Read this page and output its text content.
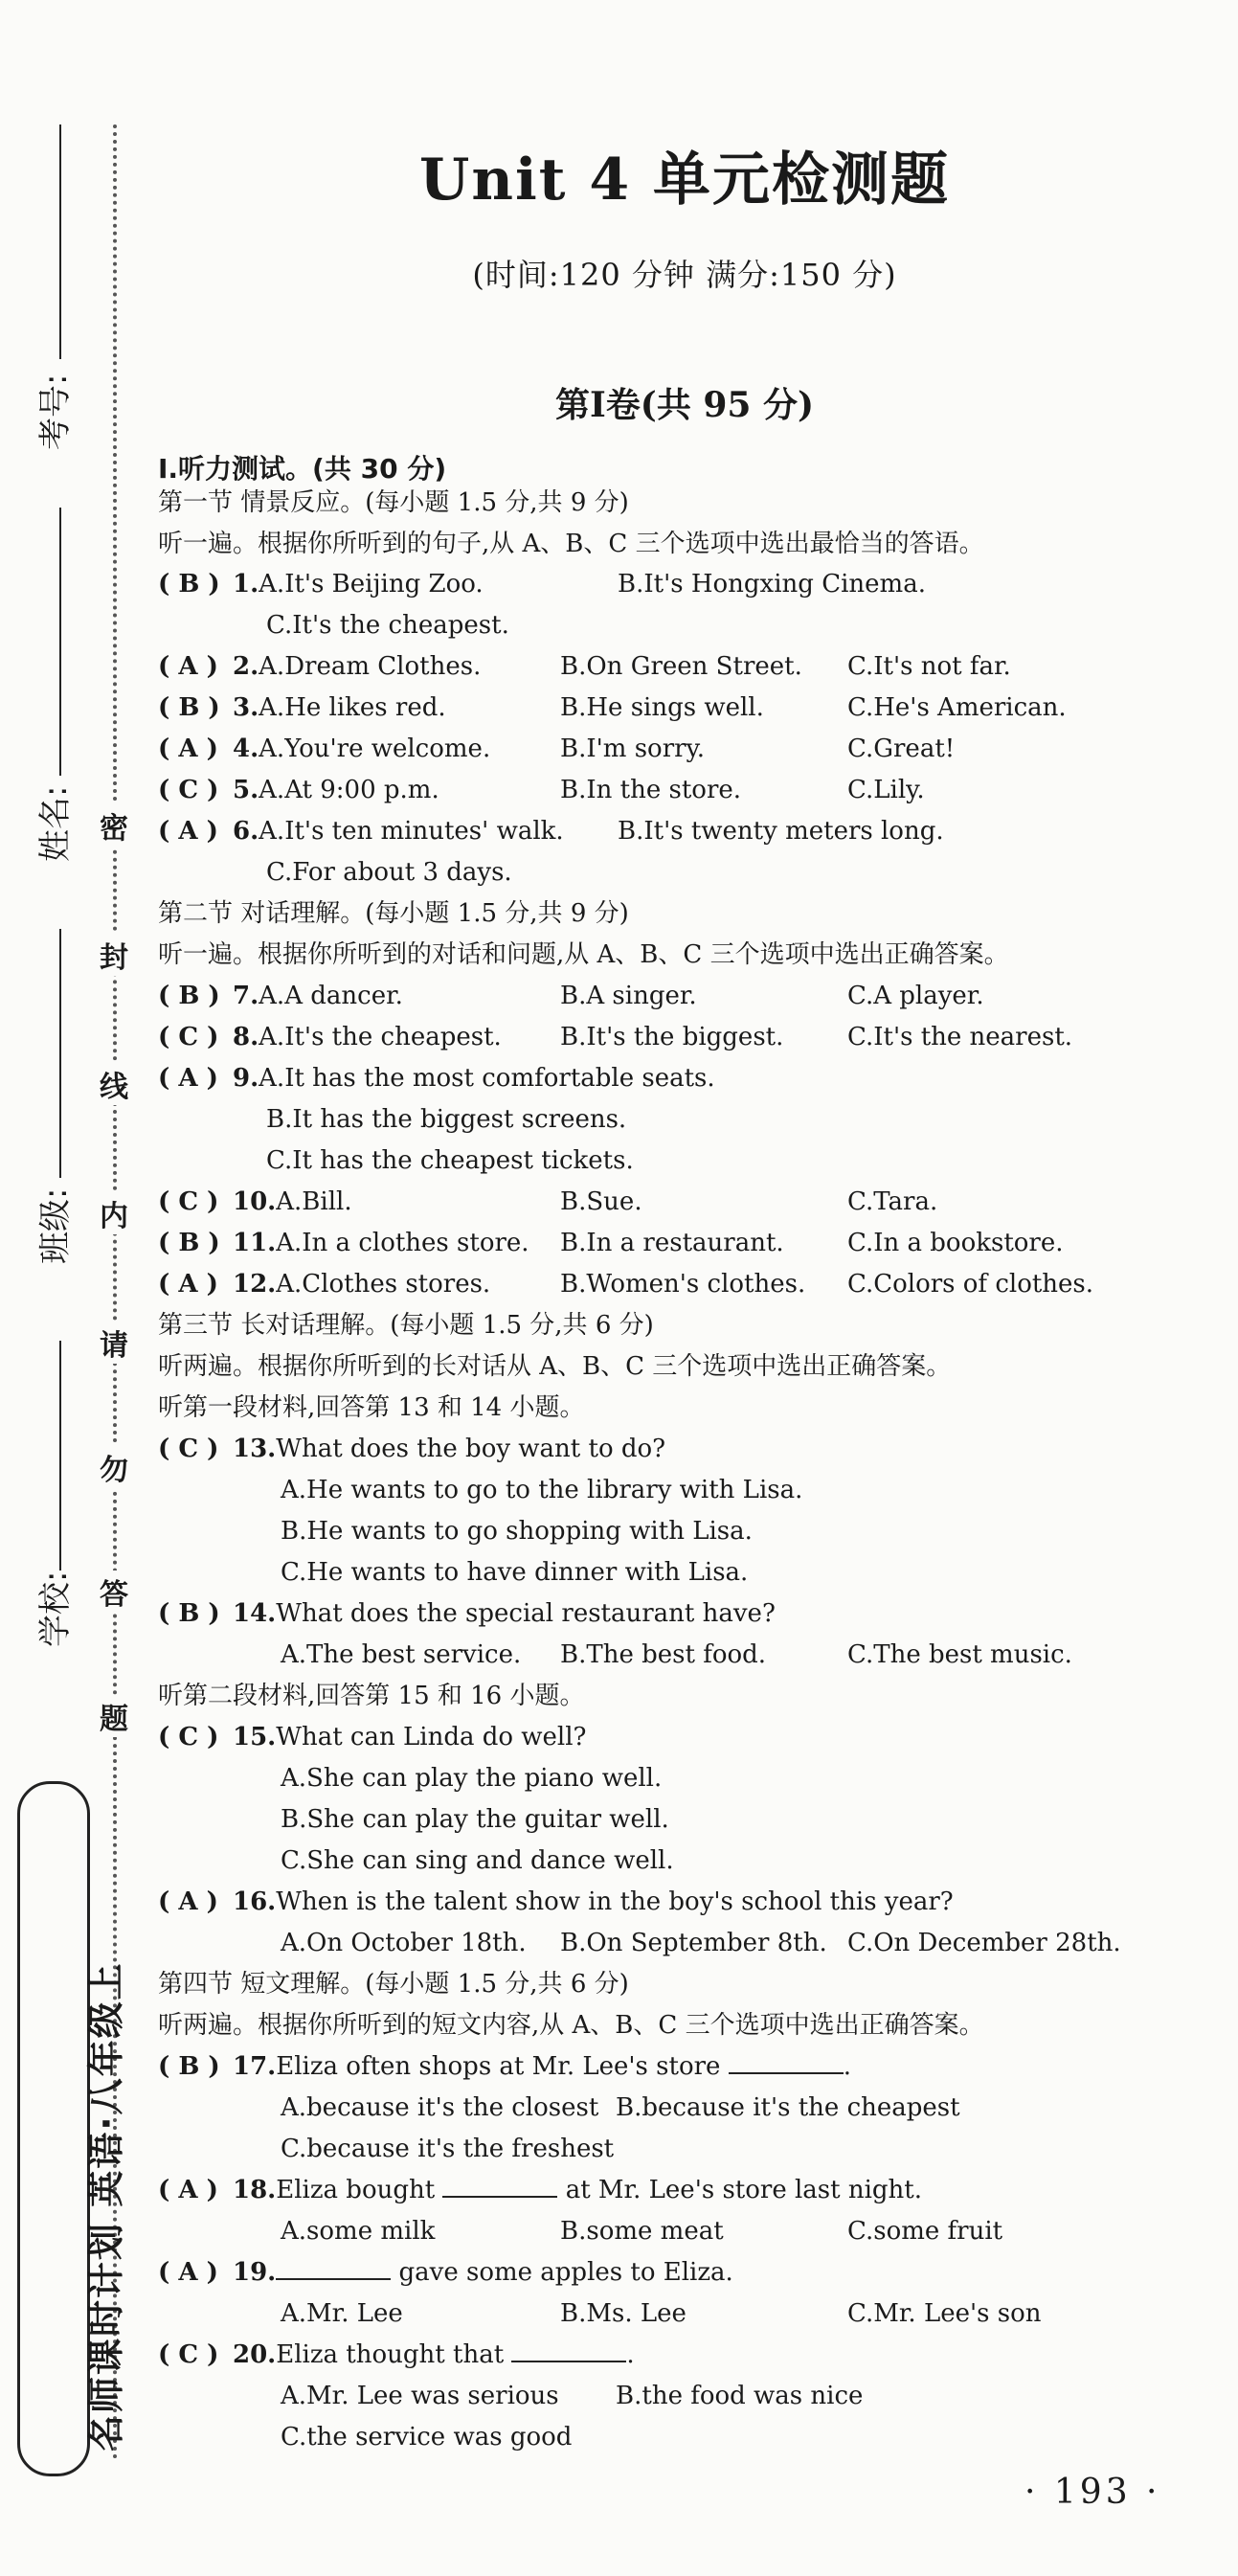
考号:
姓名:
班级:
学校:
密
封
线
内
请
勿
答
题
名师课时计划 英语·八年级上
Unit 4 单元检测题
(时间:120 分钟 满分:150 分)
第Ⅰ卷(共 95 分)
Ⅰ.听力测试。(共 30 分)
第一节 情景反应。(每小题 1.5 分,共 9 分)
听一遍。根据你所听到的句子,从 A、B、C 三个选项中选出最恰当的答语。
( B ) 1.A.It's Beijing Zoo.	B.It's Hongxing Cinema.
C.It's the cheapest.
( A ) 2.A.Dream Clothes.	B.On Green Street. C.It's not far.
( B ) 3.A.He likes red.	B.He sings well.	C.He's American.
( A ) 4.A.You're welcome.	B.I'm sorry.	C.Great!
( C ) 5.A.At 9:00 p.m.	B.In the store.	C.Lily.
( A ) 6.A.It's ten minutes' walk. B.It's twenty meters long.
C.For about 3 days.
第二节 对话理解。(每小题 1.5 分,共 9 分)
听一遍。根据你所听到的对话和问题,从 A、B、C 三个选项中选出正确答案。
( B ) 7.A.A dancer.	B.A singer.	C.A player.
( C ) 8.A.It's the cheapest. B.It's the biggest.	C.It's the nearest.
( A ) 9.A.It has the most comfortable seats.
B.It has the biggest screens.
C.It has the cheapest tickets.
( C ) 10.A.Bill.	B.Sue.	C.Tara.
( B ) 11.A.In a clothes store. B.In a restaurant.	C.In a bookstore.
( A ) 12.A.Clothes stores.	B.Women's clothes. C.Colors of clothes.
第三节 长对话理解。(每小题 1.5 分,共 6 分)
听两遍。根据你所听到的长对话从 A、B、C 三个选项中选出正确答案。
听第一段材料,回答第 13 和 14 小题。
( C ) 13.What does the boy want to do?
A.He wants to go to the library with Lisa.
B.He wants to go shopping with Lisa.
C.He wants to have dinner with Lisa.
( B ) 14.What does the special restaurant have?
A.The best service. B.The best food.	C.The best music.
听第二段材料,回答第 15 和 16 小题。
( C ) 15.What can Linda do well?
A.She can play the piano well.
B.She can play the guitar well.
C.She can sing and dance well.
( A ) 16.When is the talent show in the boy's school this year?
A.On October 18th. B.On September 8th. C.On December 28th.
第四节 短文理解。(每小题 1.5 分,共 6 分)
听两遍。根据你所听到的短文内容,从 A、B、C 三个选项中选出正确答案。
( B ) 17.Eliza often shops at Mr. Lee's store	.
A.because it's the closest B.because it's the cheapest
C.because it's the freshest
( A ) 18.Eliza bought	at Mr. Lee's store last night.
A.some milk	B.some meat	C.some fruit
( A ) 19.	gave some apples to Eliza.
A.Mr. Lee	B.Ms. Lee	C.Mr. Lee's son
( C ) 20.Eliza thought that	.
A.Mr. Lee was serious B.the food was nice
C.the service was good
· 193 ·
